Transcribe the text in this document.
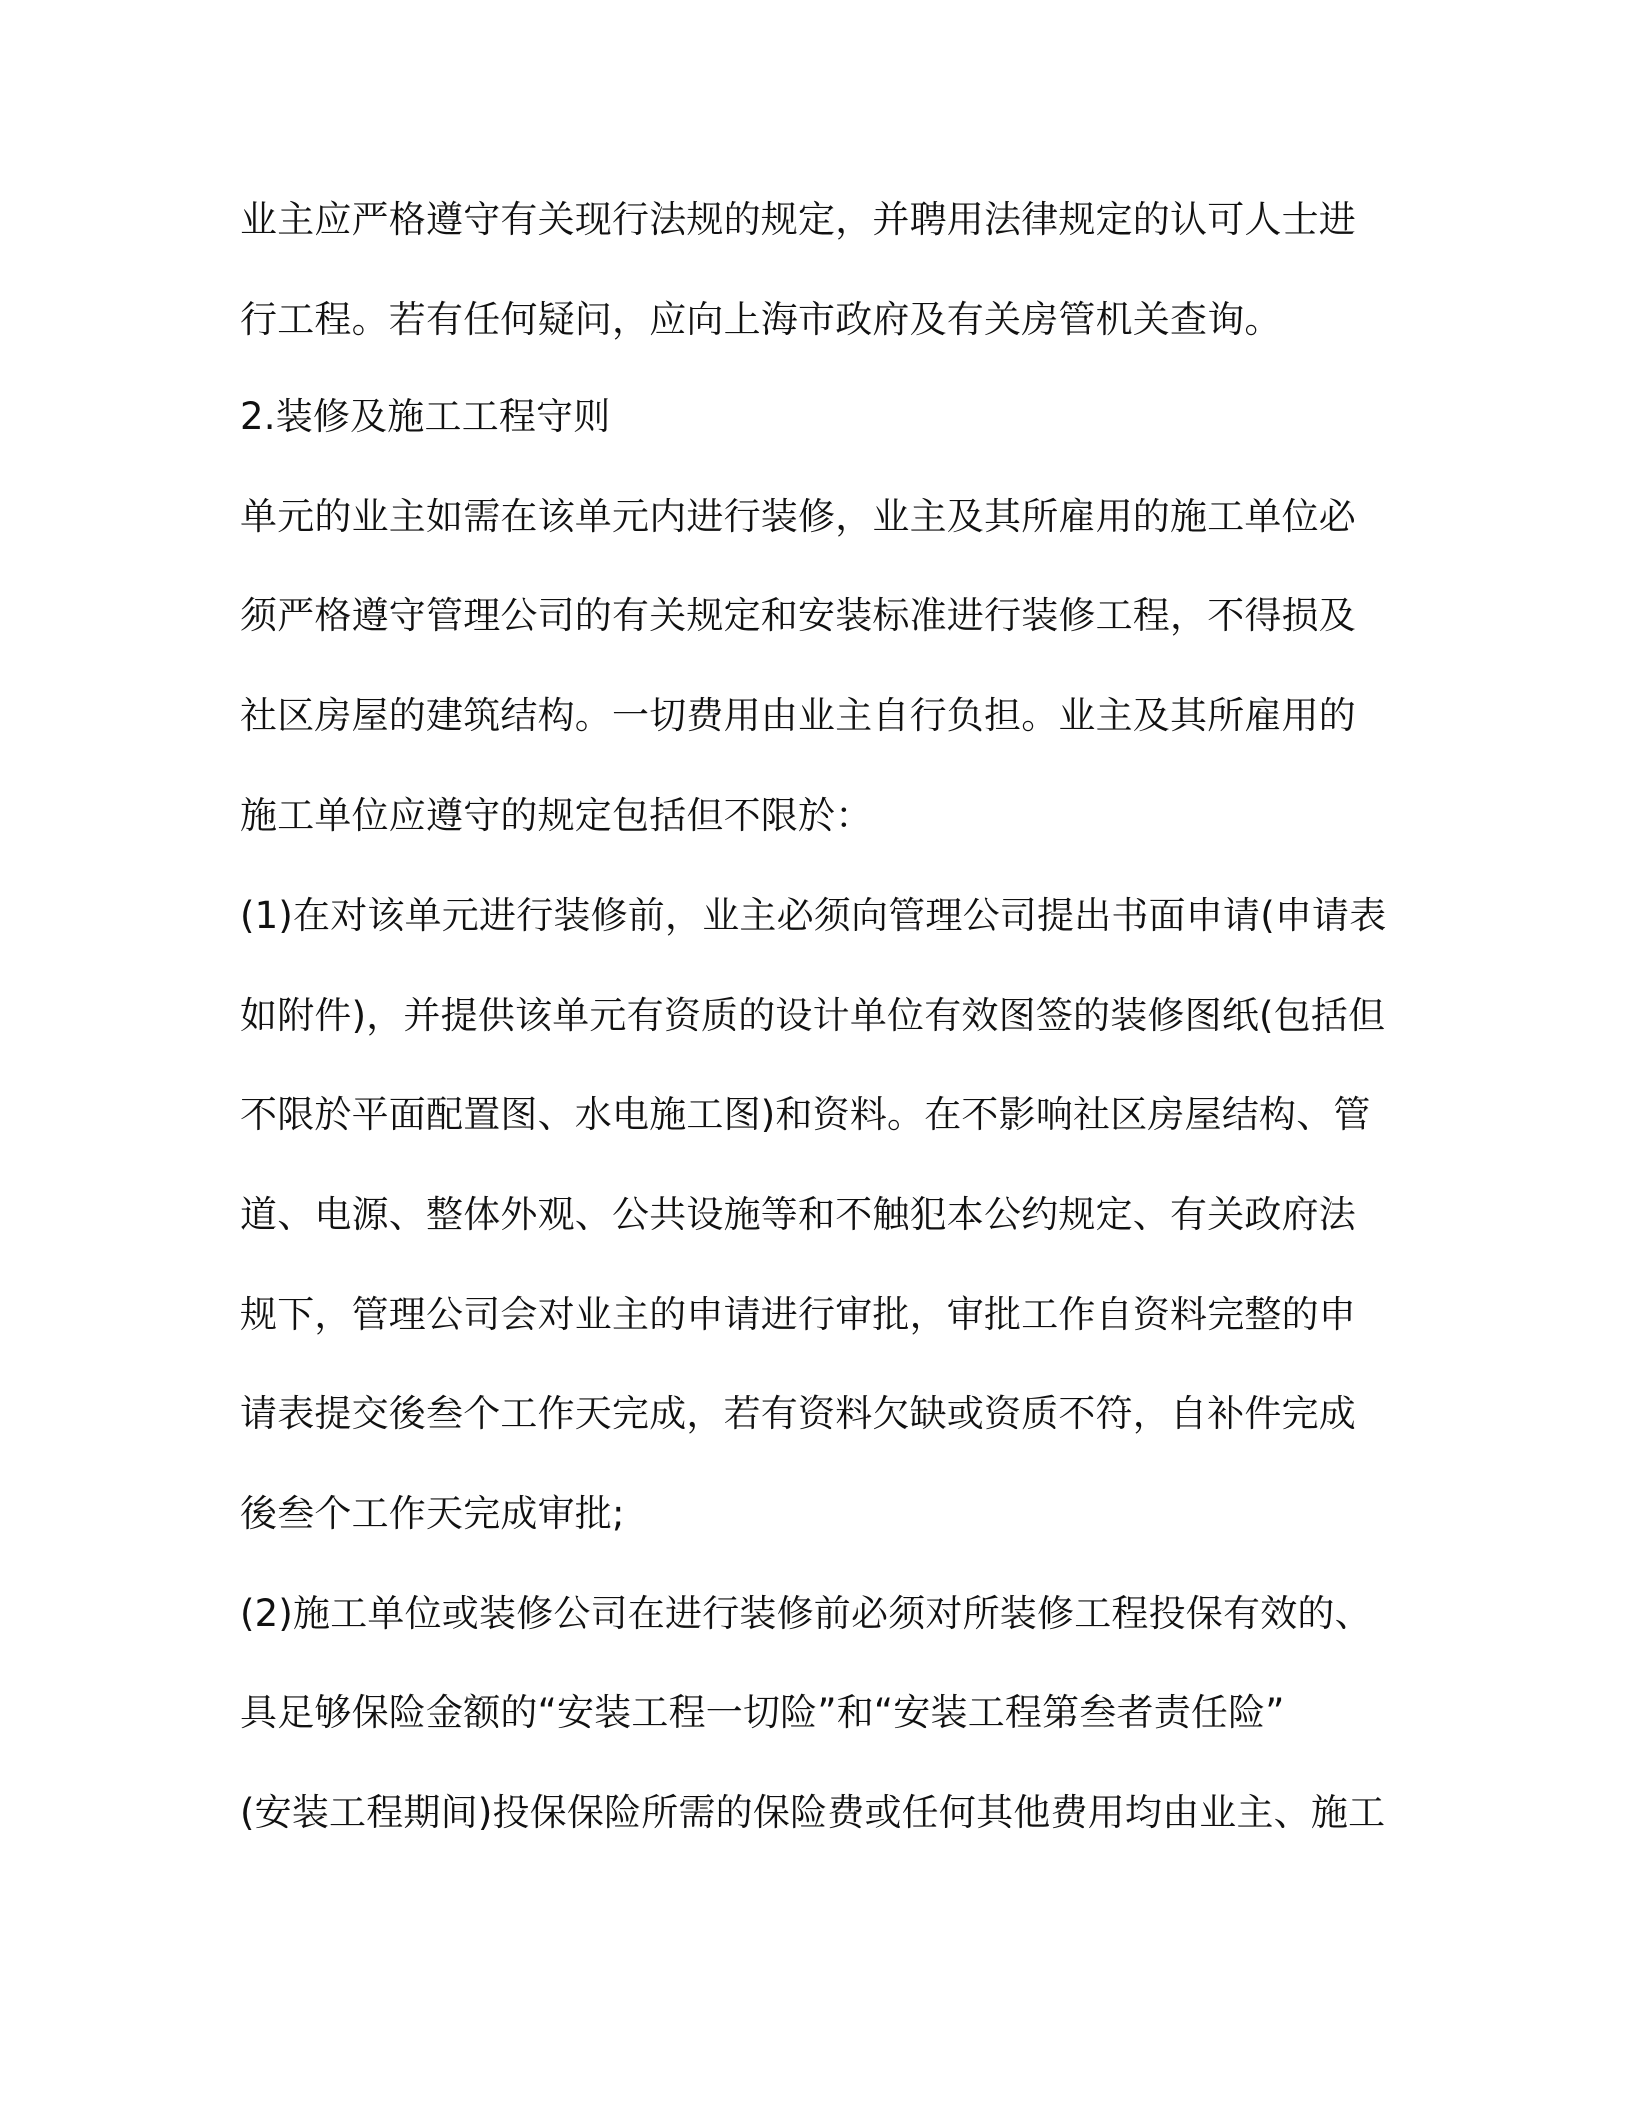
业主应严格遵守有关现行法规的规定，并聘用法律规定的认可人士进
行工程。若有任何疑问，应向上海市政府及有关房管机关查询。
2.装修及施工工程守则
单元的业主如需在该单元内进行装修，业主及其所雇用的施工单位必
须严格遵守管理公司的有关规定和安装标准进行装修工程，不得损及
社区房屋的建筑结构。一切费用由业主自行负担。业主及其所雇用的
施工单位应遵守的规定包括但不限於：
(1)在对该单元进行装修前，业主必须向管理公司提出书面申请(申请表
如附件)，并提供该单元有资质的设计单位有效图签的装修图纸(包括但
不限於平面配置图、水电施工图)和资料。在不影响社区房屋结构、管
道、电源、整体外观、公共设施等和不触犯本公约规定、有关政府法
规下，管理公司会对业主的申请进行审批，审批工作自资料完整的申
请表提交後叁个工作天完成，若有资料欠缺或资质不符，自补件完成
後叁个工作天完成审批;
(2)施工单位或装修公司在进行装修前必须对所装修工程投保有效的、
具足够保险金额的“安装工程一切险”和“安装工程第叁者责任险”
(安装工程期间)投保保险所需的保险费或任何其他费用均由业主、施工
